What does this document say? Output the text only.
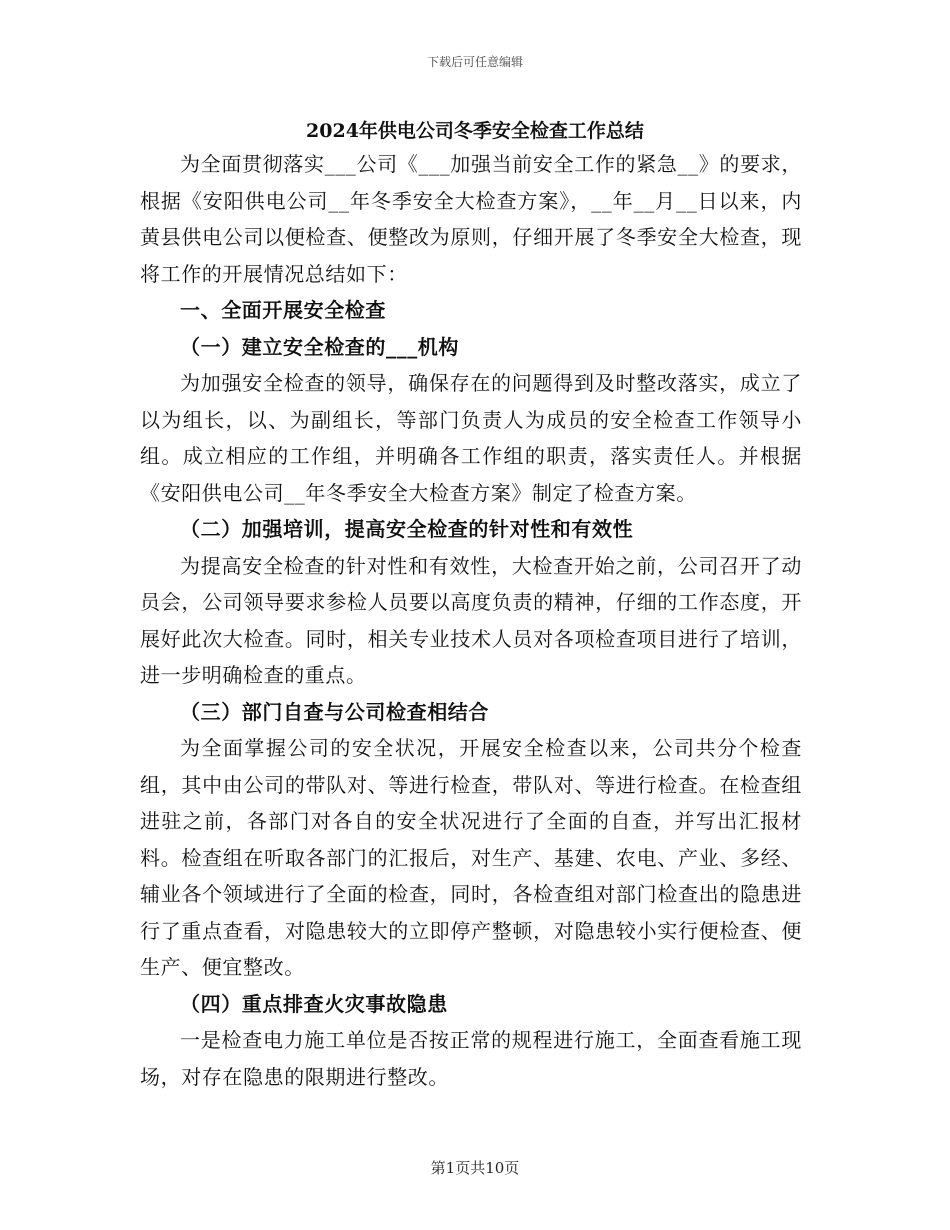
下载后可任意编辑
2024年供电公司冬季安全检查工作总结

为全面贯彻落实___公司《___加强当前安全工作的紧急__》的要求，根据《安阳供电公司__年冬季安全大检查方案》，__年__月__日以来，内黄县供电公司以便检查、便整改为原则，仔细开展了冬季安全大检查，现将工作的开展情况总结如下：

一、全面开展安全检查

（一）建立安全检查的___机构

为加强安全检查的领导，确保存在的问题得到及时整改落实，成立了以为组长，以、为副组长，等部门负责人为成员的安全检查工作领导小组。成立相应的工作组，并明确各工作组的职责，落实责任人。并根据《安阳供电公司__年冬季安全大检查方案》制定了检查方案。

（二）加强培训，提高安全检查的针对性和有效性

为提高安全检查的针对性和有效性，大检查开始之前，公司召开了动员会，公司领导要求参检人员要以高度负责的精神，仔细的工作态度，开展好此次大检查。同时，相关专业技术人员对各项检查项目进行了培训，进一步明确检查的重点。

（三）部门自查与公司检查相结合

为全面掌握公司的安全状况，开展安全检查以来，公司共分个检查组，其中由公司的带队对、等进行检查，带队对、等进行检查。在检查组进驻之前，各部门对各自的安全状况进行了全面的自查，并写出汇报材料。检查组在听取各部门的汇报后，对生产、基建、农电、产业、多经、辅业各个领域进行了全面的检查，同时，各检查组对部门检查出的隐患进行了重点查看，对隐患较大的立即停产整顿，对隐患较小实行便检查、便生产、便宜整改。

（四）重点排查火灾事故隐患

一是检查电力施工单位是否按正常的规程进行施工，全面查看施工现场，对存在隐患的限期进行整改。

第1页共10页
